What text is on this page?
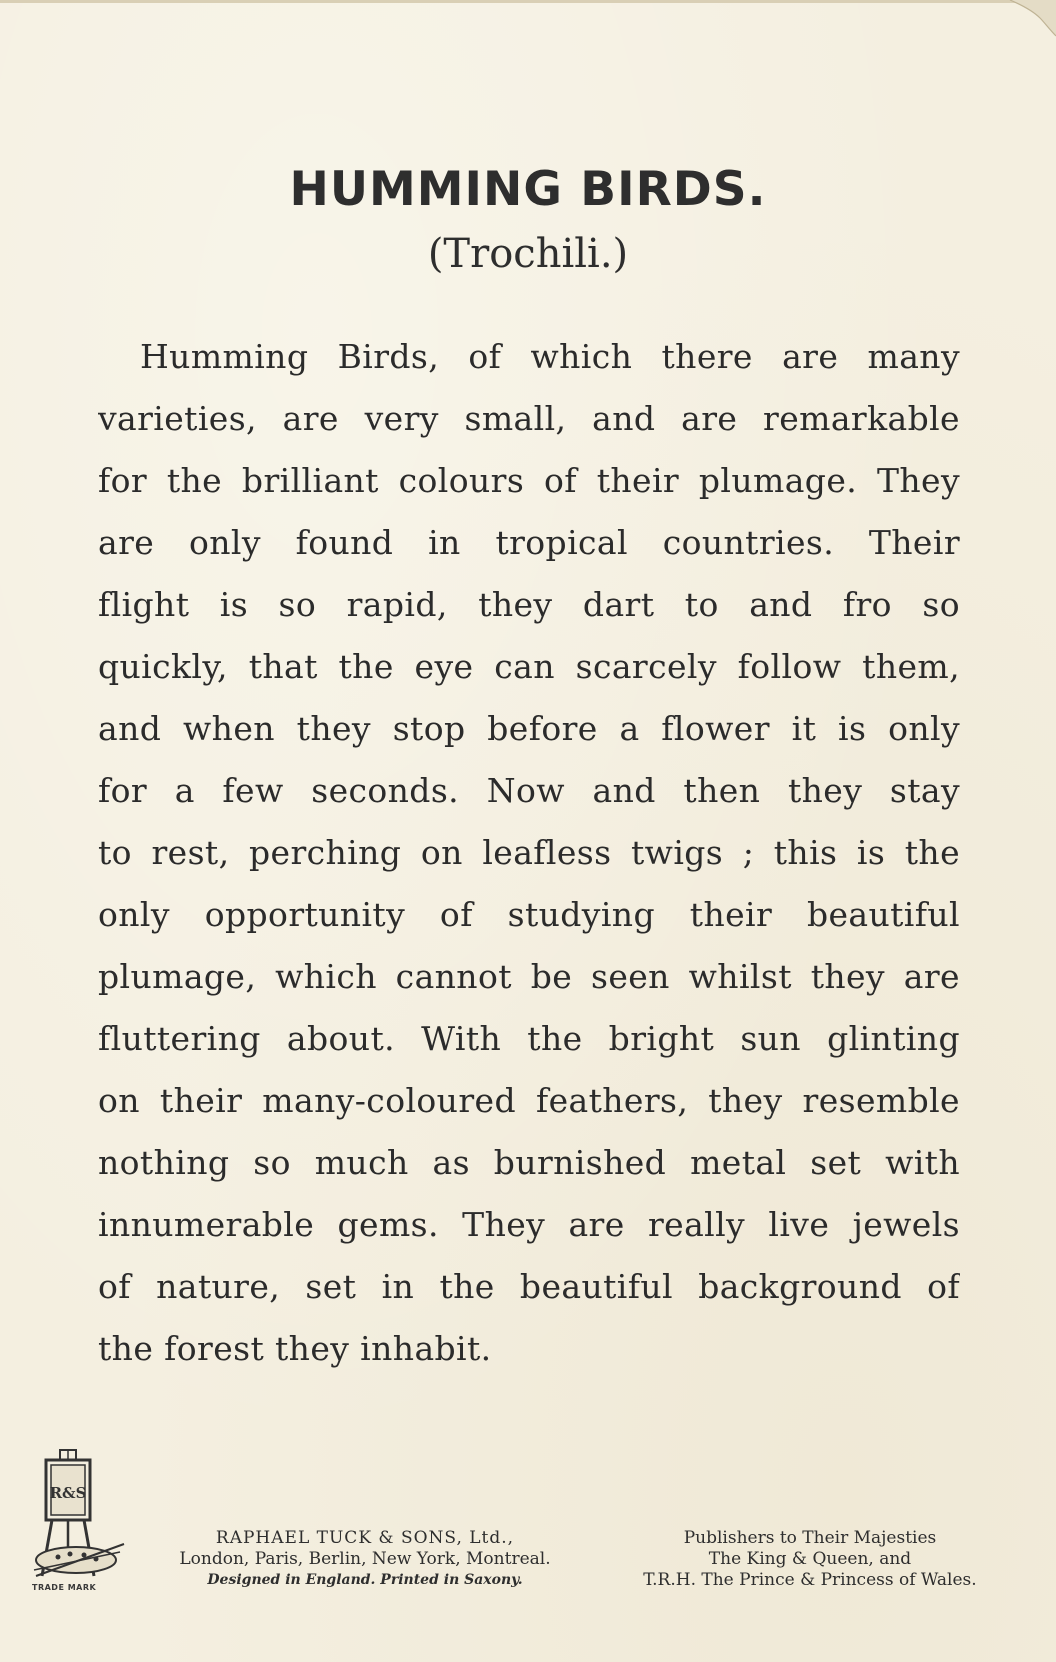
HUMMING BIRDS.
(Trochili.)
Humming Birds, of which there are many
varieties, are very small, and are remarkable
for the brilliant colours of their plumage. They
are only found in tropical countries. Their
flight is so rapid, they dart to and fro so
quickly, that the eye can scarcely follow them,
and when they stop before a flower it is only
for a few seconds. Now and then they stay
to rest, perching on leafless twigs ; this is the
only opportunity of studying their beautiful
plumage, which cannot be seen whilst they are
fluttering about. With the bright sun glinting
on their many-coloured feathers, they resemble
nothing so much as burnished metal set with
innumerable gems. They are really live jewels
of nature, set in the beautiful background of
the forest they inhabit.
R&S
TRADE MARK
RAPHAEL TUCK & SONS, Ltd.,
London, Paris, Berlin, New York, Montreal.
Designed in England. Printed in Saxony.
Publishers to Their Majesties
The King & Queen, and
T.R.H. The Prince & Princess of Wales.
